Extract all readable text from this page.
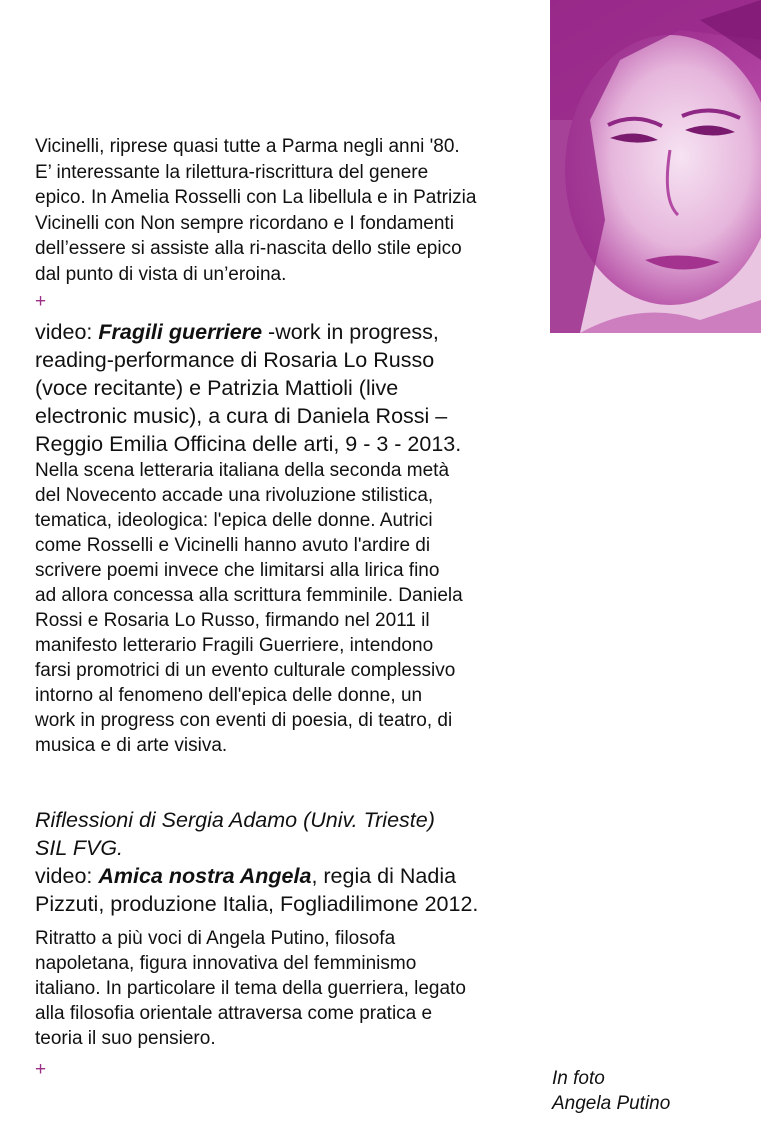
Vicinelli, riprese quasi tutte a Parma negli anni '80.
E’ interessante la rilettura-riscrittura del genere
epico. In Amelia Rosselli con La libellula e in Patrizia
Vicinelli con Non sempre ricordano e I fondamenti
dell’essere si assiste alla ri-nascita dello stile epico
dal punto di vista di un’eroina.
+
video: Fragili guerriere -work in progress,
reading-performance di Rosaria Lo Russo
(voce recitante) e Patrizia Mattioli (live
electronic music), a cura di Daniela Rossi –
Reggio Emilia Officina delle arti, 9 - 3 - 2013.
Nella scena letteraria italiana della seconda metà
del Novecento accade una rivoluzione stilistica,
tematica, ideologica: l'epica delle donne. Autrici
come Rosselli e Vicinelli hanno avuto l'ardire di
scrivere poemi invece che limitarsi alla lirica fino
ad allora concessa alla scrittura femminile. Daniela
Rossi e Rosaria Lo Russo, firmando nel 2011 il
manifesto letterario Fragili Guerriere, intendono
farsi promotrici di un evento culturale complessivo
intorno al fenomeno dell'epica delle donne, un
work in progress con eventi di poesia, di teatro, di
musica e di arte visiva.
Riflessioni di Sergia Adamo (Univ. Trieste)
SIL FVG.
video: Amica nostra Angela, regia di Nadia
Pizzuti, produzione Italia, Fogliadilimone 2012.
Ritratto a più voci di Angela Putino, filosofa
napoletana, figura innovativa del femminismo
italiano. In particolare il tema della guerriera, legato
alla filosofia orientale attraversa come pratica e
teoria il suo pensiero.
+	In foto
Angela Putino
